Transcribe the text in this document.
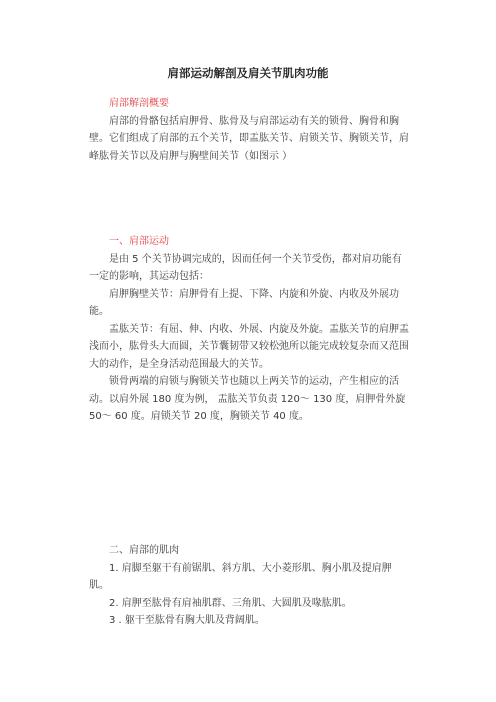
肩部运动解剖及肩关节肌肉功能

肩部解剖概要

肩部的骨骼包括肩胛骨、肱骨及与肩部运动有关的锁骨、胸骨和胸壁。它们组成了肩部的五个关节，即盂肱关节、肩锁关节、胸锁关节，肩峰肱骨关节以及肩胛与胸壁间关节（如图示 ）

一、肩部运动

是由 5 个关节协调完成的，因而任何一个关节受伤，都对肩功能有一定的影响，其运动包括：

肩胛胸壁关节：肩胛骨有上提、下降、内旋和外旋、内收及外展功能。

盂肱关节：有屈、伸、内收、外展、内旋及外旋。盂肱关节的肩胛盂浅而小，肱骨头大而圆，关节囊韧带又较松弛所以能完成较复杂而又范围大的动作，是全身活动范围最大的关节。

锁骨两端的肩锁与胸锁关节也随以上两关节的运动，产生相应的活动。以肩外展 180 度为例， 盂肱关节负责 120～ 130 度，肩胛骨外旋 50～ 60 度。肩锁关节 20 度，胸锁关节 40 度。

二、肩部的肌肉

1. 肩脚至躯干有前锯肌、斜方肌、大小菱形肌、胸小肌及提肩胛肌。

2. 肩胛至肱骨有肩袖肌群、三角肌、大圆肌及喙肱肌。

3 . 躯干至肱骨有胸大肌及背阔肌。
